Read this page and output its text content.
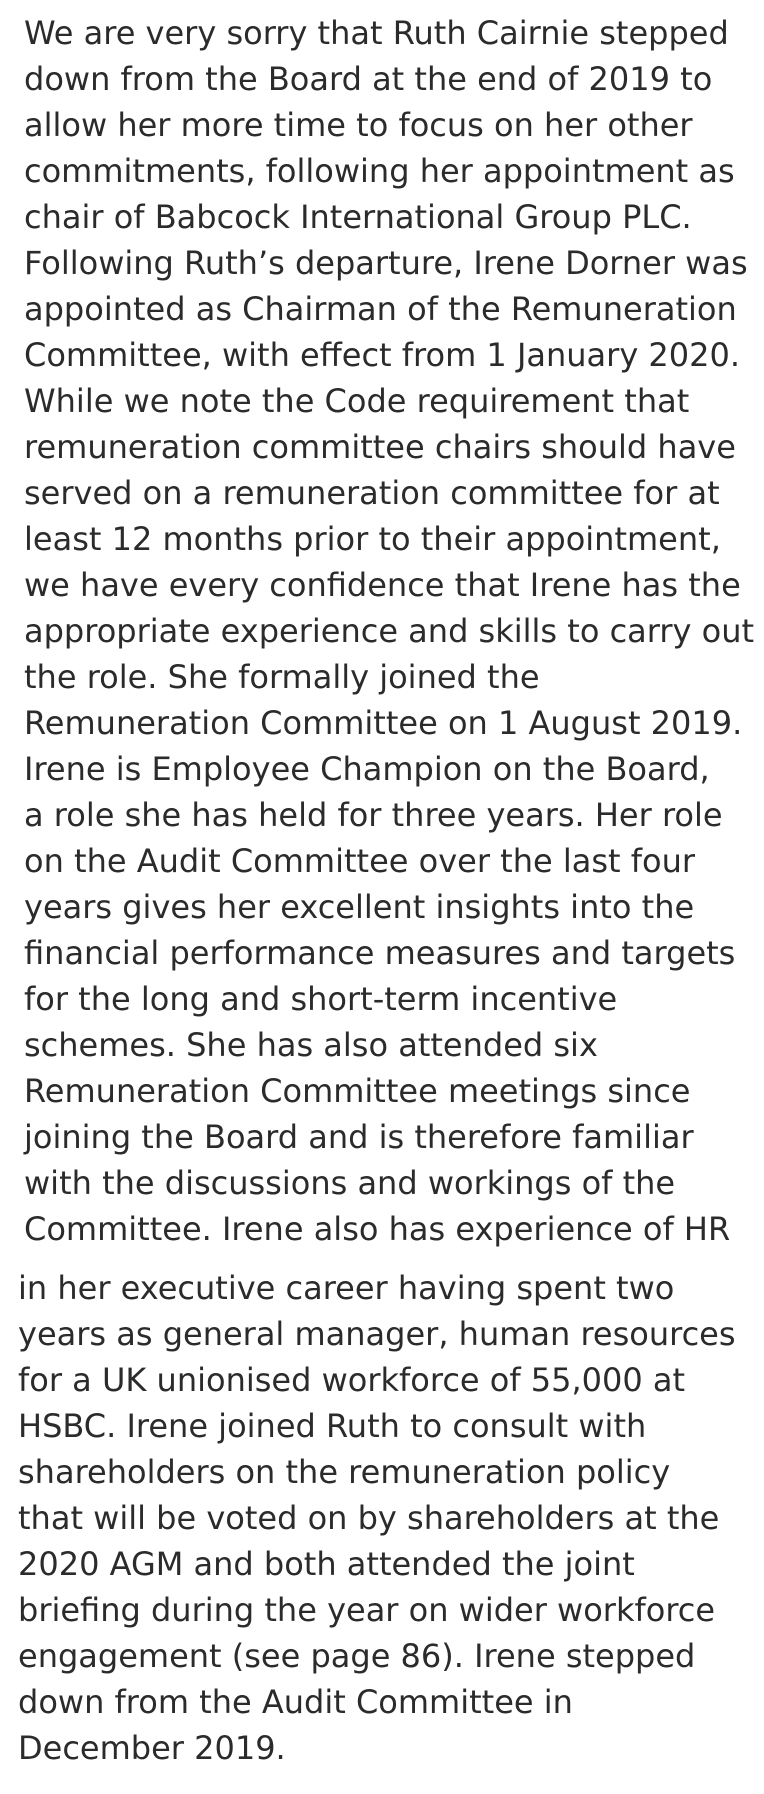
We are very sorry that Ruth Cairnie stepped
down from the Board at the end of 2019 to
allow her more time to focus on her other
commitments, following her appointment as
chair of Babcock International Group PLC.
Following Ruth’s departure, Irene Dorner was
appointed as Chairman of the Remuneration
Committee, with effect from 1 January 2020.
While we note the Code requirement that
remuneration committee chairs should have
served on a remuneration committee for at
least 12 months prior to their appointment,
we have every confidence that Irene has the
appropriate experience and skills to carry out
the role. She formally joined the
Remuneration Committee on 1 August 2019.
Irene is Employee Champion on the Board,
a role she has held for three years. Her role
on the Audit Committee over the last four
years gives her excellent insights into the
financial performance measures and targets
for the long and short-term incentive
schemes. She has also attended six
Remuneration Committee meetings since
joining the Board and is therefore familiar
with the discussions and workings of the
Committee. Irene also has experience of HR
in her executive career having spent two
years as general manager, human resources
for a UK unionised workforce of 55,000 at
HSBC. Irene joined Ruth to consult with
shareholders on the remuneration policy
that will be voted on by shareholders at the
2020 AGM and both attended the joint
briefing during the year on wider workforce
engagement (see page 86). Irene stepped
down from the Audit Committee in
December 2019.
